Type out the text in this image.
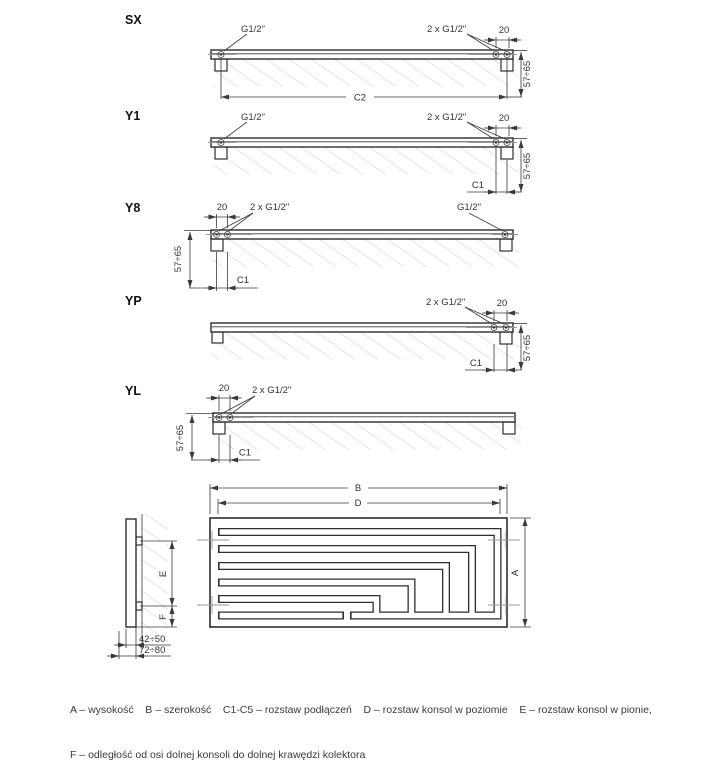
SX
G1/2"	2 x G1/2"	20
C2
57÷65
Y1	G1/2"	2 x G1/2"	20
C1
57÷65
Y8	20 2 x G1/2"	G1/2"
57÷65
C1
YP	2 x G1/2"	20
C1
57÷65
YL	20 2 x G1/2"
57÷65
C1
B
D
A
E
F
42÷50
72÷80

A – wysokość    B – szerokość    C1-C5 – rozstaw podłączeń    D – rozstaw konsol w poziomie    E – rozstaw konsol w pionie,

F – odległość od osi dolnej konsoli do dolnej krawędzi kolektora
